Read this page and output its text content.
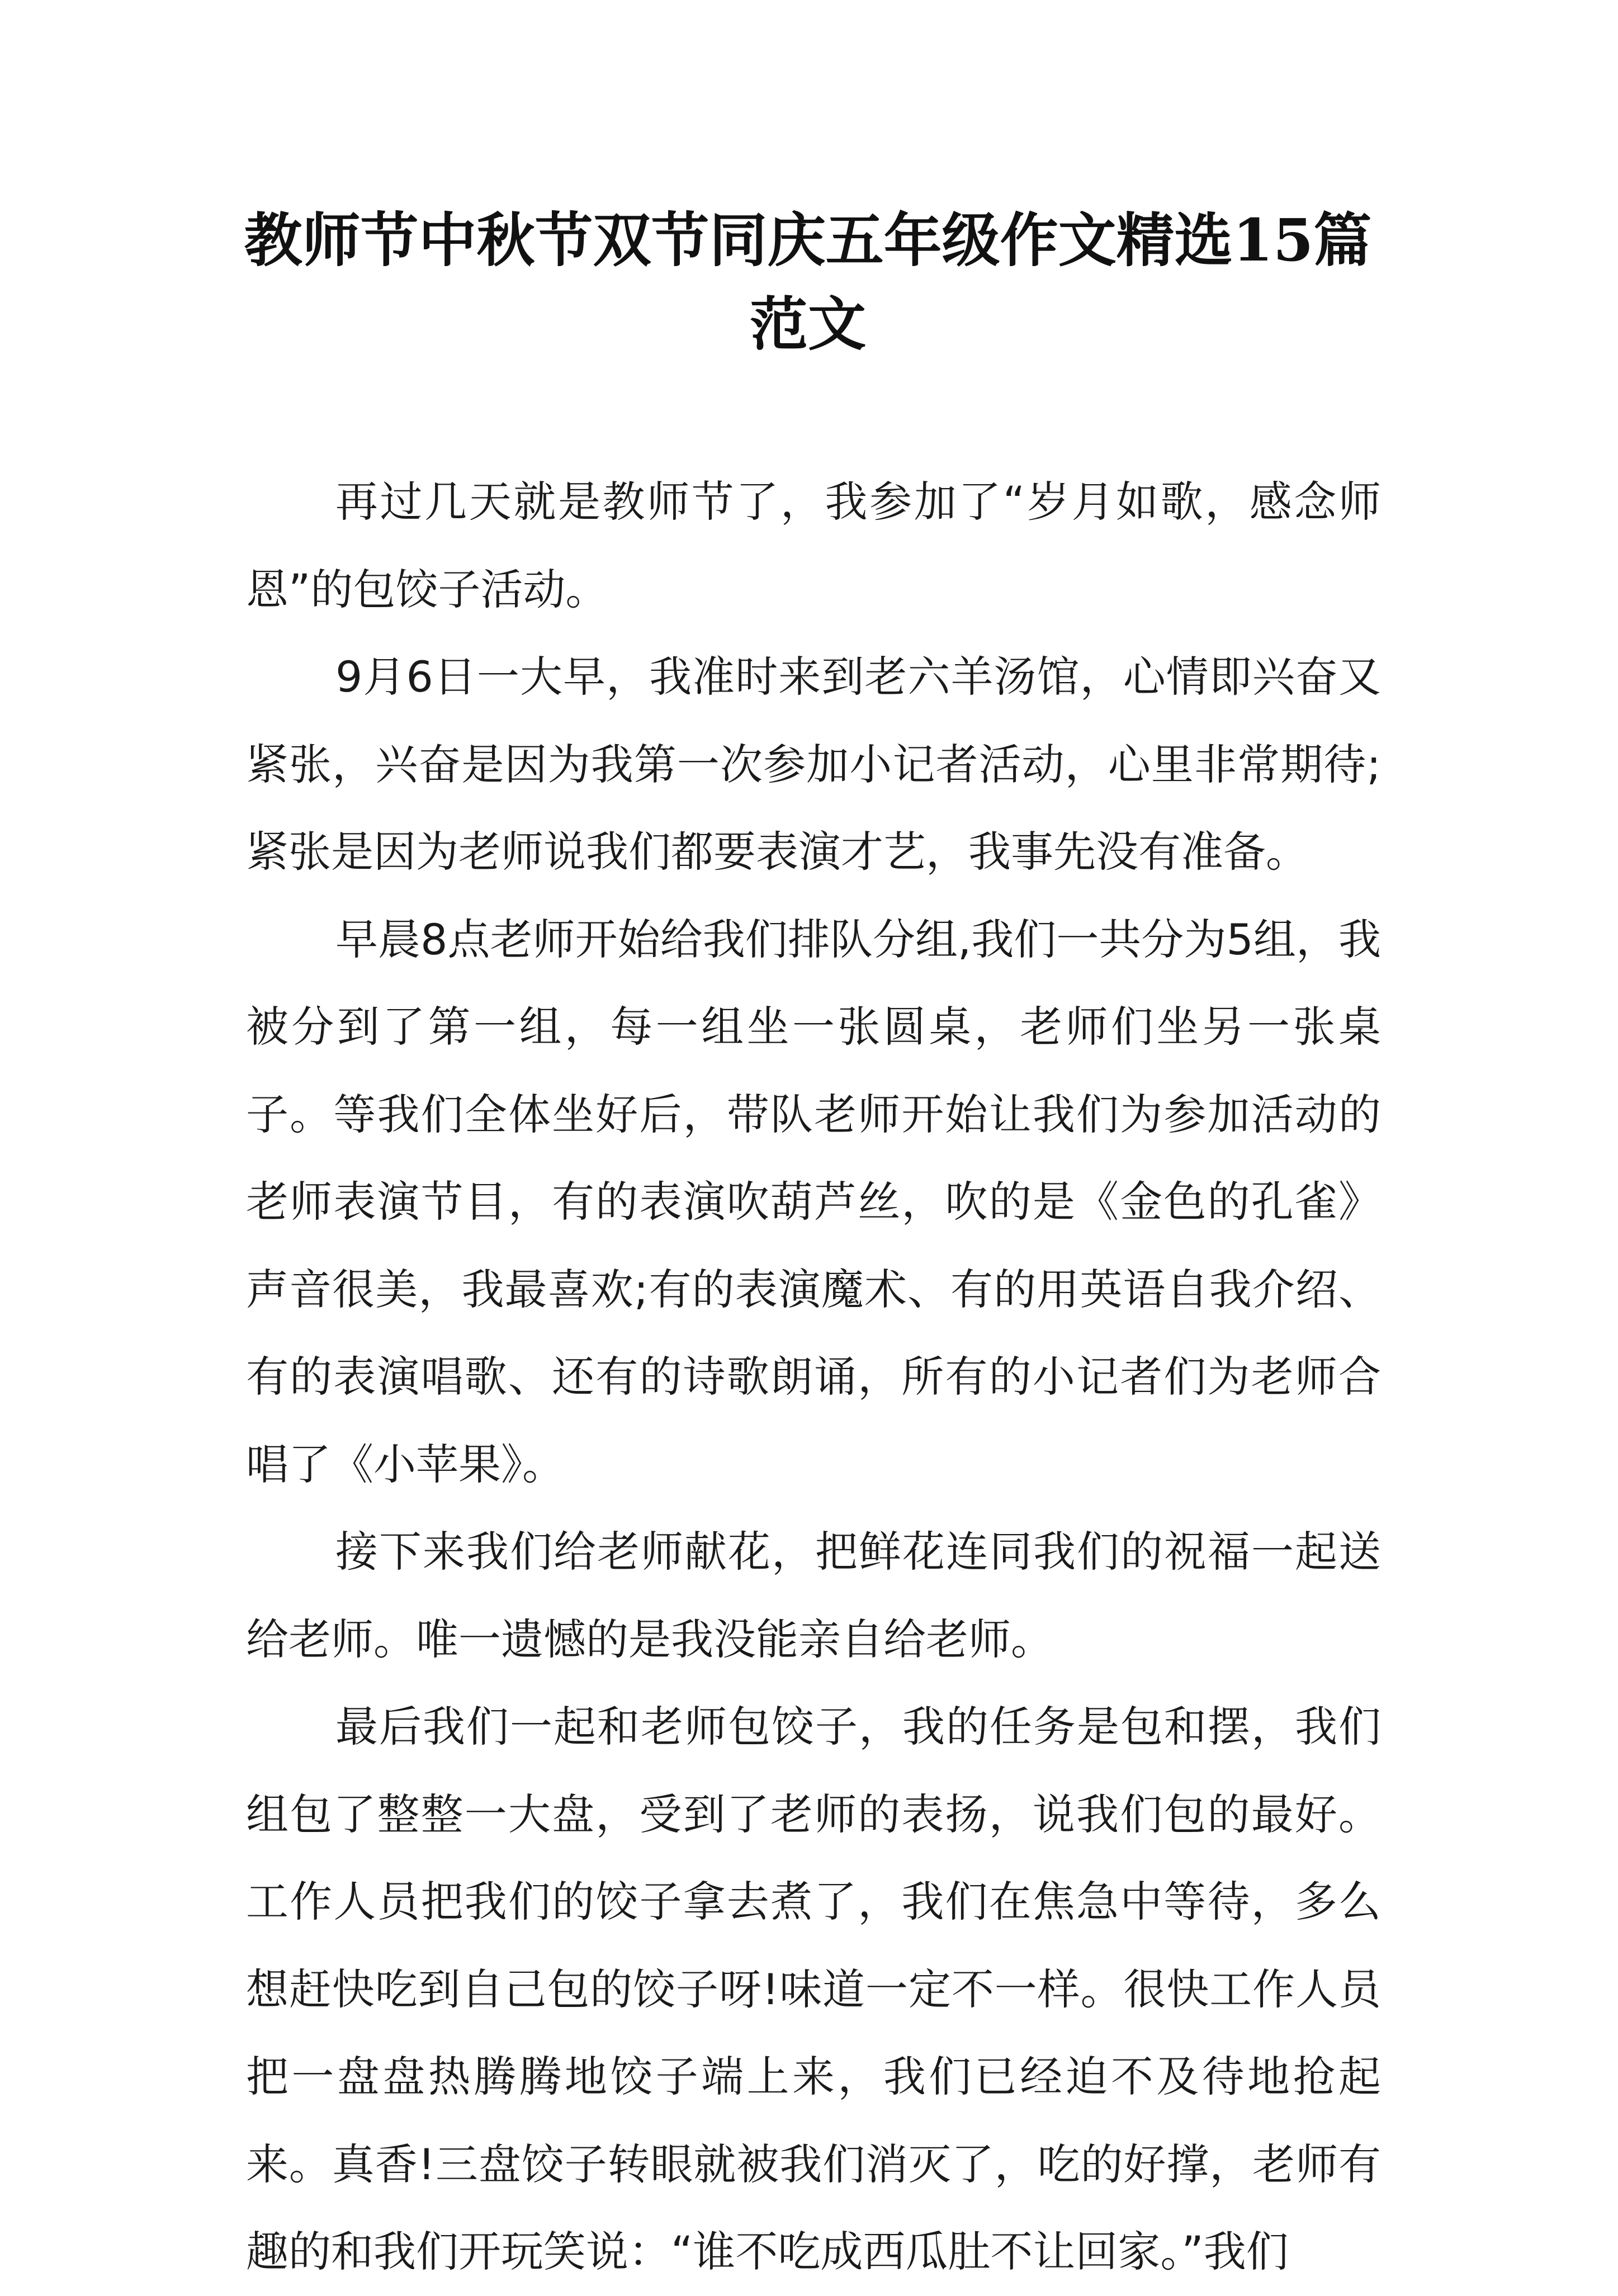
教师节中秋节双节同庆五年级作文精选15篇范文

再过几天就是教师节了，我参加了“岁月如歌，感念师恩”的包饺子活动。

9月6日一大早，我准时来到老六羊汤馆，心情即兴奋又紧张，兴奋是因为我第一次参加小记者活动，心里非常期待;紧张是因为老师说我们都要表演才艺，我事先没有准备。

早晨8点老师开始给我们排队分组,我们一共分为5组，我被分到了第一组，每一组坐一张圆桌，老师们坐另一张桌子。等我们全体坐好后，带队老师开始让我们为参加活动的老师表演节目，有的表演吹葫芦丝，吹的是《金色的孔雀》声音很美，我最喜欢;有的表演魔术、有的用英语自我介绍、有的表演唱歌、还有的诗歌朗诵，所有的小记者们为老师合唱了《小苹果》。

接下来我们给老师献花，把鲜花连同我们的祝福一起送给老师。唯一遗憾的是我没能亲自给老师。

最后我们一起和老师包饺子，我的任务是包和摆，我们组包了整整一大盘，受到了老师的表扬，说我们包的最好。工作人员把我们的饺子拿去煮了，我们在焦急中等待，多么想赶快吃到自己包的饺子呀!味道一定不一样。很快工作人员把一盘盘热腾腾地饺子端上来，我们已经迫不及待地抢起来。真香!三盘饺子转眼就被我们消灭了，吃的好撑，老师有趣的和我们开玩笑说：“谁不吃成西瓜肚不让回家。”我们
